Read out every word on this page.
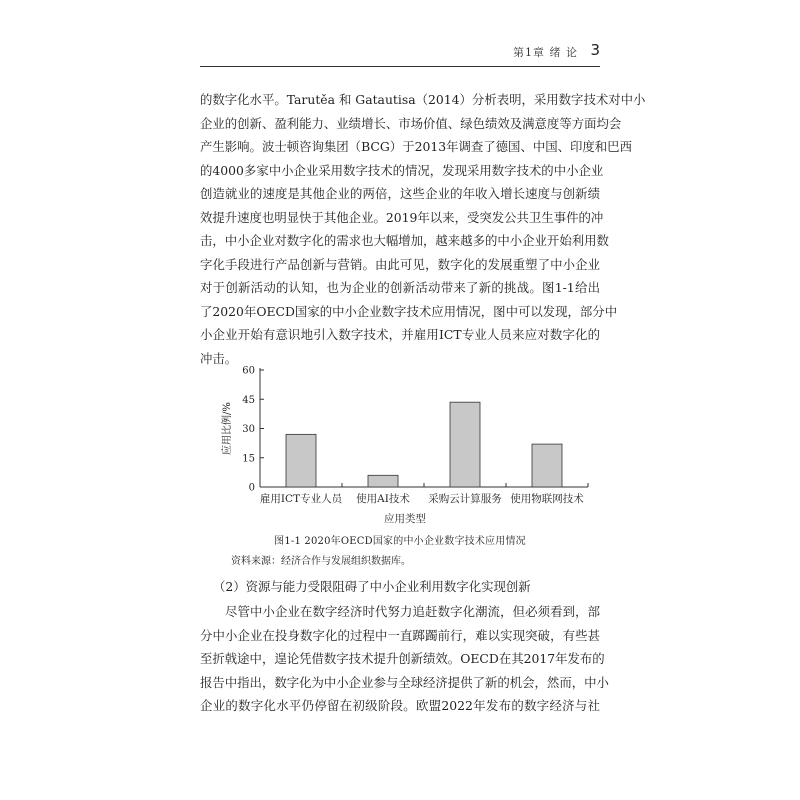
第1章 绪 论 3
的数字化水平。Tarutěa 和 Gatautisa（2014）分析表明，采用数字技术对中小
企业的创新、盈利能力、业绩增长、市场价值、绿色绩效及满意度等方面均会
产生影响。波士顿咨询集团（BCG）于2013年调查了德国、中国、印度和巴西
的4000多家中小企业采用数字技术的情况，发现采用数字技术的中小企业
创造就业的速度是其他企业的两倍，这些企业的年收入增长速度与创新绩
效提升速度也明显快于其他企业。2019年以来，受突发公共卫生事件的冲
击，中小企业对数字化的需求也大幅增加，越来越多的中小企业开始利用数
字化手段进行产品创新与营销。由此可见，数字化的发展重塑了中小企业
对于创新活动的认知，也为企业的创新活动带来了新的挑战。图1-1给出
了2020年OECD国家的中小企业数字技术应用情况，图中可以发现，部分中
小企业开始有意识地引入数字技术，并雇用ICT专业人员来应对数字化的
冲击。
0
15
30
45
60
应用比例/%
雇用ICT专业人员 使用AI技术 采购云计算服务 使用物联网技术
应用类型
图1-1 2020年OECD国家的中小企业数字技术应用情况
资料来源：经济合作与发展组织数据库。
（2）资源与能力受限阻碍了中小企业利用数字化实现创新
尽管中小企业在数字经济时代努力追赶数字化潮流，但必须看到，部
分中小企业在投身数字化的过程中一直踯躅前行，难以实现突破，有些甚
至折戟途中，遑论凭借数字技术提升创新绩效。OECD在其2017年发布的
报告中指出，数字化为中小企业参与全球经济提供了新的机会，然而，中小
企业的数字化水平仍停留在初级阶段。欧盟2022年发布的数字经济与社
